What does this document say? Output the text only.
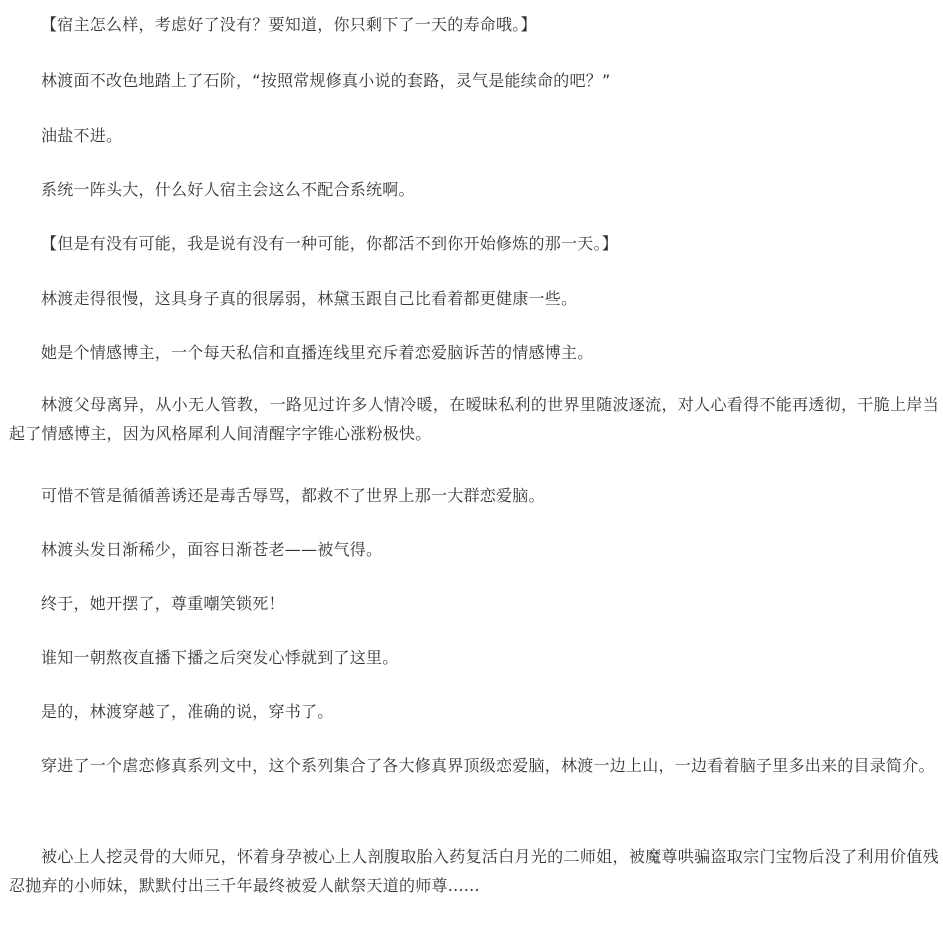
【宿主怎么样，考虑好了没有？要知道，你只剩下了一天的寿命哦。】

林渡面不改色地踏上了石阶，“按照常规修真小说的套路，灵气是能续命的吧？”

油盐不进。

系统一阵头大，什么好人宿主会这么不配合系统啊。

【但是有没有可能，我是说有没有一种可能，你都活不到你开始修炼的那一天。】

林渡走得很慢，这具身子真的很孱弱，林黛玉跟自己比看着都更健康一些。

她是个情感博主，一个每天私信和直播连线里充斥着恋爱脑诉苦的情感博主。

林渡父母离异，从小无人管教，一路见过许多人情冷暖，在暧昧私利的世界里随波逐流，对人心看得不能再透彻，干脆上岸当起了情感博主，因为风格犀利人间清醒字字锥心涨粉极快。

可惜不管是循循善诱还是毒舌辱骂，都救不了世界上那一大群恋爱脑。

林渡头发日渐稀少，面容日渐苍老——被气得。

终于，她开摆了，尊重嘲笑锁死！

谁知一朝熬夜直播下播之后突发心悸就到了这里。

是的，林渡穿越了，准确的说，穿书了。

穿进了一个虐恋修真系列文中，这个系列集合了各大修真界顶级恋爱脑，林渡一边上山，一边看着脑子里多出来的目录简介。

被心上人挖灵骨的大师兄，怀着身孕被心上人剖腹取胎入药复活白月光的二师姐，被魔尊哄骗盗取宗门宝物后没了利用价值残忍抛弃的小师妹，默默付出三千年最终被爱人献祭天道的师尊......
